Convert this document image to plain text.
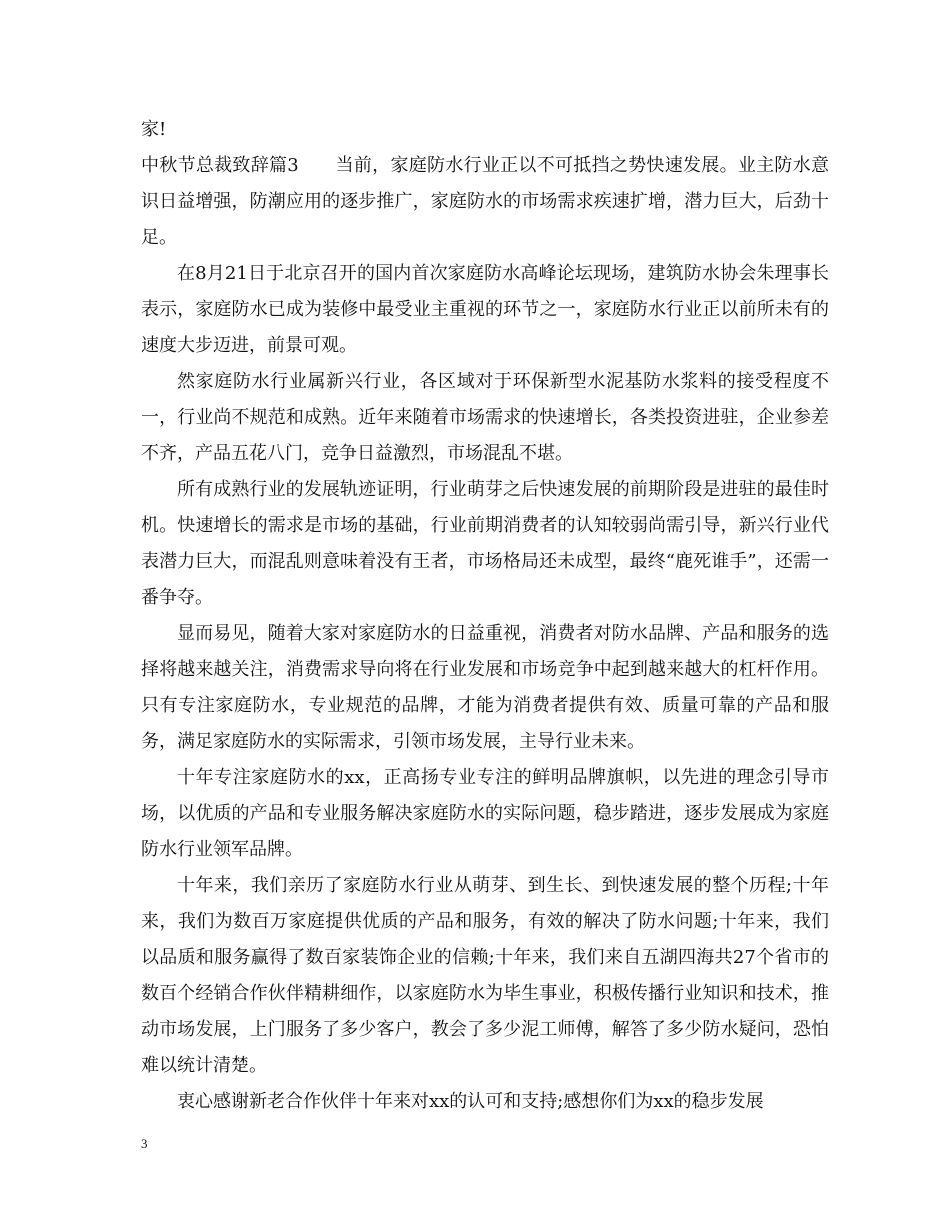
家!

中秋节总裁致辞篇3　　当前，家庭防水行业正以不可抵挡之势快速发展。业主防水意识日益增强，防潮应用的逐步推广，家庭防水的市场需求疾速扩增，潜力巨大，后劲十足。

在8月21日于北京召开的国内首次家庭防水高峰论坛现场，建筑防水协会朱理事长表示，家庭防水已成为装修中最受业主重视的环节之一，家庭防水行业正以前所未有的速度大步迈进，前景可观。

然家庭防水行业属新兴行业，各区域对于环保新型水泥基防水浆料的接受程度不一，行业尚不规范和成熟。近年来随着市场需求的快速增长，各类投资进驻，企业参差不齐，产品五花八门，竞争日益激烈，市场混乱不堪。

所有成熟行业的发展轨迹证明，行业萌芽之后快速发展的前期阶段是进驻的最佳时机。快速增长的需求是市场的基础，行业前期消费者的认知较弱尚需引导，新兴行业代表潜力巨大，而混乱则意味着没有王者，市场格局还未成型，最终“鹿死谁手”，还需一番争夺。

显而易见，随着大家对家庭防水的日益重视，消费者对防水品牌、产品和服务的选择将越来越关注，消费需求导向将在行业发展和市场竞争中起到越来越大的杠杆作用。只有专注家庭防水，专业规范的品牌，才能为消费者提供有效、质量可靠的产品和服务，满足家庭防水的实际需求，引领市场发展，主导行业未来。

十年专注家庭防水的xx，正高扬专业专注的鲜明品牌旗帜，以先进的理念引导市场，以优质的产品和专业服务解决家庭防水的实际问题，稳步踏进，逐步发展成为家庭防水行业领军品牌。

十年来，我们亲历了家庭防水行业从萌芽、到生长、到快速发展的整个历程;十年来，我们为数百万家庭提供优质的产品和服务，有效的解决了防水问题;十年来，我们以品质和服务赢得了数百家装饰企业的信赖;十年来，我们来自五湖四海共27个省市的数百个经销合作伙伴精耕细作，以家庭防水为毕生事业，积极传播行业知识和技术，推动市场发展，上门服务了多少客户，教会了多少泥工师傅，解答了多少防水疑问，恐怕难以统计清楚。

衷心感谢新老合作伙伴十年来对xx的认可和支持;感想你们为xx的稳步发展

3
